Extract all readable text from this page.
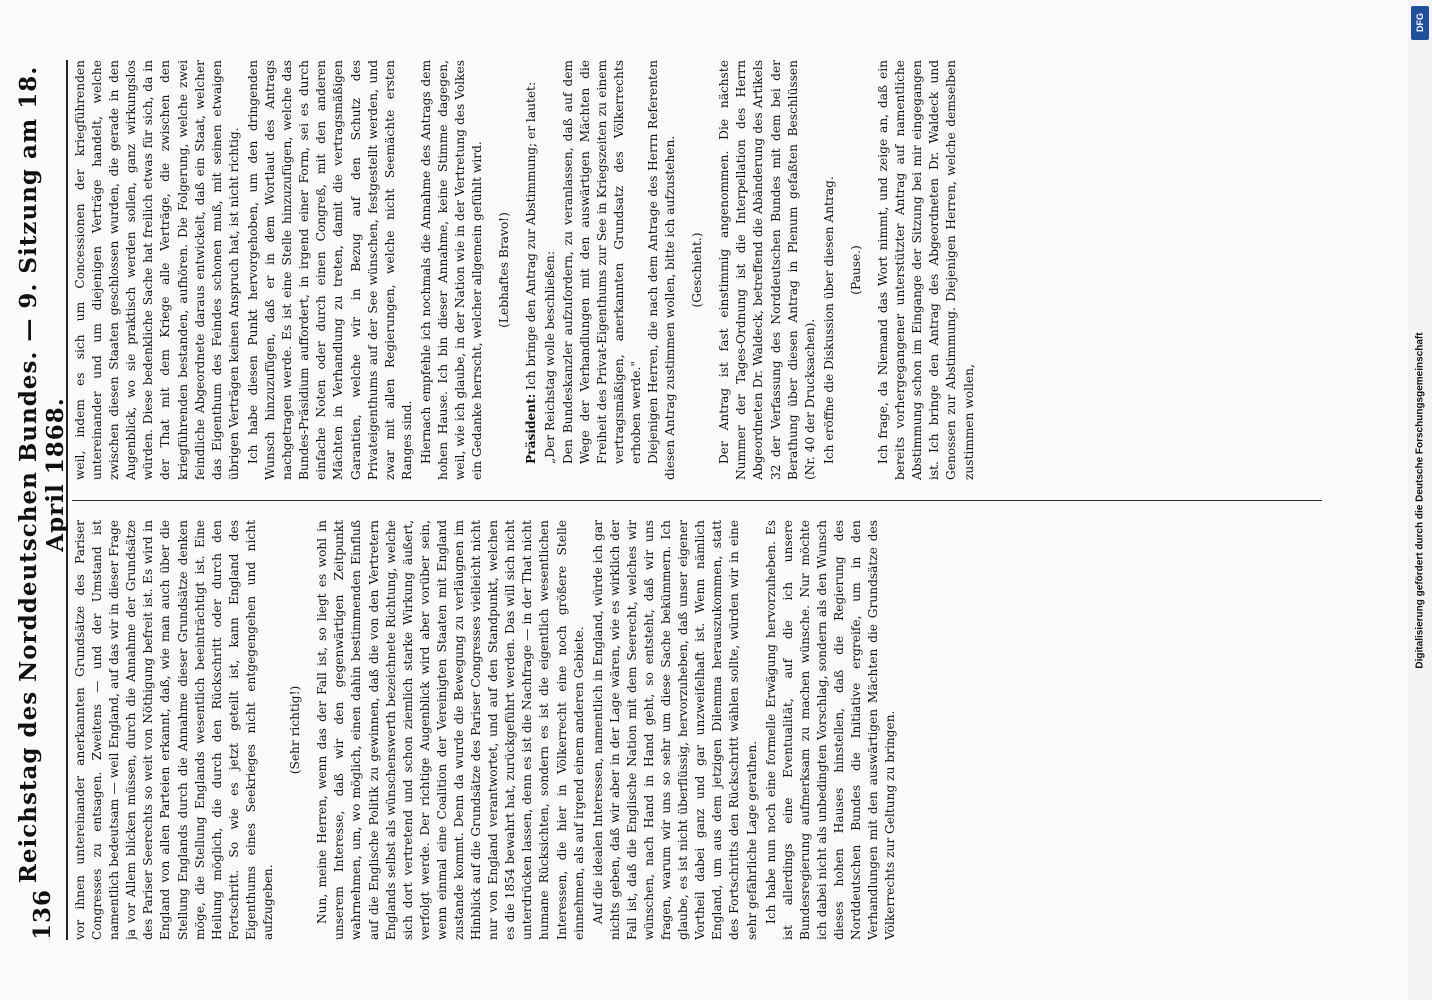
136
Reichstag des Norddeutschen Bundes. — 9. Sitzung am 18. April 1868.

vor ihnen untereinander anerkannten Grundsätze des Pariser Congresses zu entsagen. Zweitens — und der Umstand ist namentlich bedeutsam — weil England, auf das wir in dieser Frage ja vor Allem blicken müssen, durch die Annahme der Grundsätze des Pariser Seerechts so weit von Nöthigung befreit ist. Es wird in England von allen Parteien erkannt, daß, wie man auch über die Stellung Englands durch die Annahme dieser Grundsätze denken möge, die Stellung Englands wesentlich beeinträchtigt ist. Eine Heilung möglich, die durch den Rückschritt oder durch den Fortschritt. So wie es jetzt geteilt ist, kann England des Eigenthums eines Seekrieges nicht entgegengehen und nicht aufzugeben.

(Sehr richtig!) Nun, meine Herren, wenn das der Fall ist, so liegt es wohl in unserem Interesse, daß wir den gegenwärtigen Zeitpunkt wahrnehmen, um, wo möglich, einen dahin bestimmenden Einfluß auf die Englische Politik zu gewinnen, daß die von den Vertretern Englands selbst als wünschenswerth bezeichnete Richtung, welche sich dort vertretend und schon ziemlich starke Wirkung äußert, verfolgt werde. Der richtige Augenblick wird aber vorüber sein, wenn einmal eine Coalition der Vereinigten Staaten mit England zustande kommt. Denn da wurde die Bewegung zu verläugnen im Hinblick auf die Grundsätze des Pariser Congresses vielleicht nicht nur von England verantwortet, und auf den Standpunkt, welchen es die 1854 bewahrt hat, zurückgeführt werden. Das will sich nicht unterdrücken lassen, denn es ist die Nachfrage — in der That nicht humane Rücksichten, sondern es ist die eigentlich wesentlichen Interessen, die hier in Völkerrecht eine noch größere Stelle einnehmen, als auf irgend einem anderen Gebiete. Auf die idealen Interessen, namentlich in England, würde ich gar nichts geben, daß wir aber in der Lage wären, wie es wirklich der Fall ist, daß die Englische Nation mit dem Seerecht, welches wir wünschen, nach Hand in Hand geht, so entsteht, daß wir uns fragen, warum wir uns so sehr um diese Sache bekümmern. Ich glaube, es ist nicht überflüssig, hervorzuheben, daß unser eigener Vortheil dabei ganz und gar unzweifelhaft ist. Wenn nämlich England, um aus dem jetzigen Dilemma herauszukommen, statt des Fortschritts den Rückschritt wählen sollte, würden wir in eine sehr gefährliche Lage gerathen. Ich habe nun noch eine formelle Erwägung hervorzuheben. Es ist allerdings eine Eventualität, auf die ich unsere Bundesregierung aufmerksam zu machen wünsche. Nur möchte ich dabei nicht als unbedingten Vorschlag, sondern als den Wunsch dieses hohen Hauses hinstellen, daß die Regierung des Norddeutschen Bundes die Initiative ergreife, um in den Verhandlungen mit den auswärtigen Mächten die Grundsätze des Völkerrechts zur Geltung zu bringen.

weil, indem es sich um Concessionen der kriegführenden untereinander und um diejenigen Verträge handelt, welche zwischen diesen Staaten geschlossen wurden, die gerade in den Augenblick, wo sie praktisch werden sollen, ganz wirkungslos würden. Diese bedenkliche Sache hat freilich etwas für sich, da in der That mit dem Kriege alle Verträge, die zwischen den kriegführenden bestanden, aufhören. Die Folgerung, welche zwei feindliche Abgeordnete daraus entwickelt, daß ein Staat, welcher das Eigenthum des Feindes schonen muß, mit seinen etwaigen übrigen Verträgen keinen Anspruch hat, ist nicht richtig. Ich habe diesen Punkt hervorgehoben, um den dringenden Wunsch hinzuzufügen, daß er in dem Wortlaut des Antrags nachgetragen werde. Es ist eine Stelle hinzuzufügen, welche das Bundes-Präsidium auffordert, in irgend einer Form, sei es durch einfache Noten oder durch einen Congreß, mit den anderen Mächten in Verhandlung zu treten, damit die vertragsmäßigen Garantien, welche wir in Bezug auf den Schutz des Privateigenthums auf der See wünschen, festgestellt werden, und zwar mit allen Regierungen, welche nicht Seemächte ersten Ranges sind. Hiernach empfehle ich nochmals die Annahme des Antrags dem hohen Hause. Ich bin dieser Annahme, keine Stimme dagegen, weil, wie ich glaube, in der Nation wie in der Vertretung des Volkes ein Gedanke herrscht, welcher allgemein gefühlt wird. (Lebhaftes Bravo!)

Präsident: Ich bringe den Antrag zur Abstimmung; er lautet: „Der Reichstag wolle beschließen: Den Bundeskanzler aufzufordern, zu veranlassen, daß auf dem Wege der Verhandlungen mit den auswärtigen Mächten die Freiheit des Privat-Eigenthums zur See in Kriegszeiten zu einem vertragsmäßigen, anerkannten Grundsatz des Völkerrechts erhoben werde." Diejenigen Herren, die nach dem Antrage des Herrn Referenten diesen Antrag zustimmen wollen, bitte ich aufzustehen. (Geschieht.) Der Antrag ist fast einstimmig angenommen. Die nächste Nummer der Tages-Ordnung ist die Interpellation des Herrn Abgeordneten Dr. Waldeck, betreffend die Abänderung des Artikels 32 der Verfassung des Norddeutschen Bundes mit dem bei der Berathung über diesen Antrag in Plenum gefaßten Beschlüssen (Nr. 40 der Drucksachen). Ich eröffne die Diskussion über diesen Antrag. (Pause.) Ich frage, da Niemand das Wort nimmt, und zeige an, daß ein bereits vorhergegangener unterstützter Antrag auf namentliche Abstimmung schon im Eingange der Sitzung bei mir eingegangen ist. Ich bringe den Antrag des Abgeordneten Dr. Waldeck und Genossen zur Abstimmung. Diejenigen Herren, welche demselben zustimmen wollen,	Digitalisierung gefördert durch die Deutsche Forschungsgemeinschaft
DFG
